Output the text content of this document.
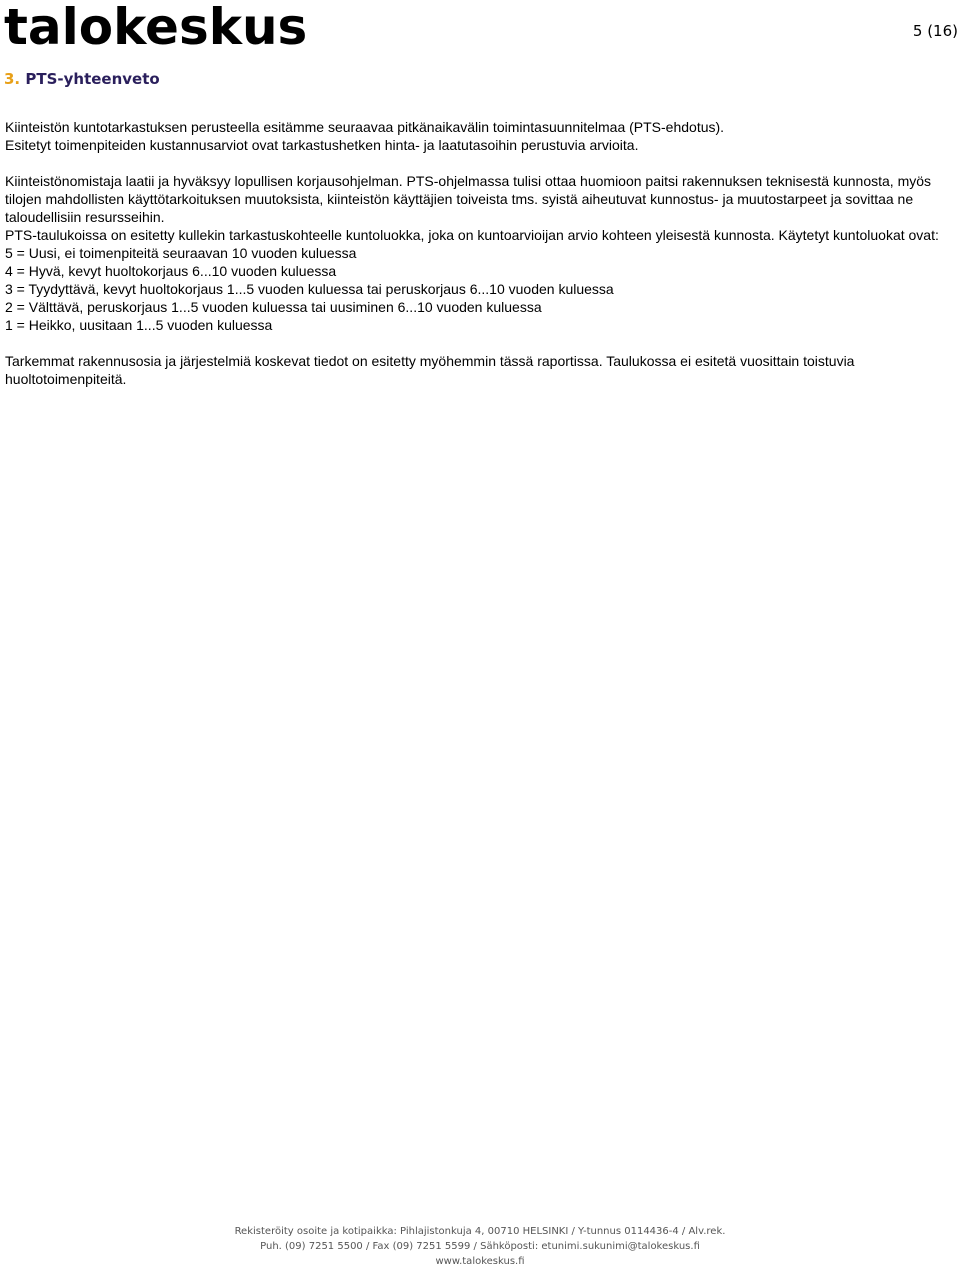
talokeskus	5 (16)
3. PTS-yhteenveto

Kiinteistön kuntotarkastuksen perusteella esitämme seuraavaa pitkänaikavälin toimintasuunnitelmaa (PTS-ehdotus).

Esitetyt toimenpiteiden kustannusarviot ovat tarkastushetken hinta- ja laatutasoihin perustuvia arvioita.

Kiinteistönomistaja laatii ja hyväksyy lopullisen korjausohjelman. PTS-ohjelmassa tulisi ottaa huomioon paitsi rakennuksen teknisestä kunnosta, myös tilojen mahdollisten käyttötarkoituksen muutoksista, kiinteistön käyttäjien toiveista tms. syistä aiheutuvat kunnostus- ja muutostarpeet ja sovittaa ne taloudellisiin resursseihin.

PTS-taulukoissa on esitetty kullekin tarkastuskohteelle kuntoluokka, joka on kuntoarvioijan arvio kohteen yleisestä kunnosta. Käytetyt kuntoluokat ovat:

5 = Uusi, ei toimenpiteitä seuraavan 10 vuoden kuluessa

4 = Hyvä, kevyt huoltokorjaus 6...10 vuoden kuluessa

3 = Tyydyttävä, kevyt huoltokorjaus 1...5 vuoden kuluessa tai peruskorjaus 6...10 vuoden kuluessa

2 = Välttävä, peruskorjaus 1...5 vuoden kuluessa tai uusiminen 6...10 vuoden kuluessa

1 = Heikko, uusitaan 1...5 vuoden kuluessa

Tarkemmat rakennusosia ja järjestelmiä koskevat tiedot on esitetty myöhemmin tässä raportissa. Taulukossa ei esitetä vuosittain toistuvia huoltotoimenpiteitä.

Rekisteröity osoite ja kotipaikka: Pihlajistonkuja 4, 00710 HELSINKI / Y-tunnus 0114436-4 / Alv.rek.
Puh. (09) 7251 5500 / Fax (09) 7251 5599 / Sähköposti: etunimi.sukunimi@talokeskus.fi
www.talokeskus.fi
